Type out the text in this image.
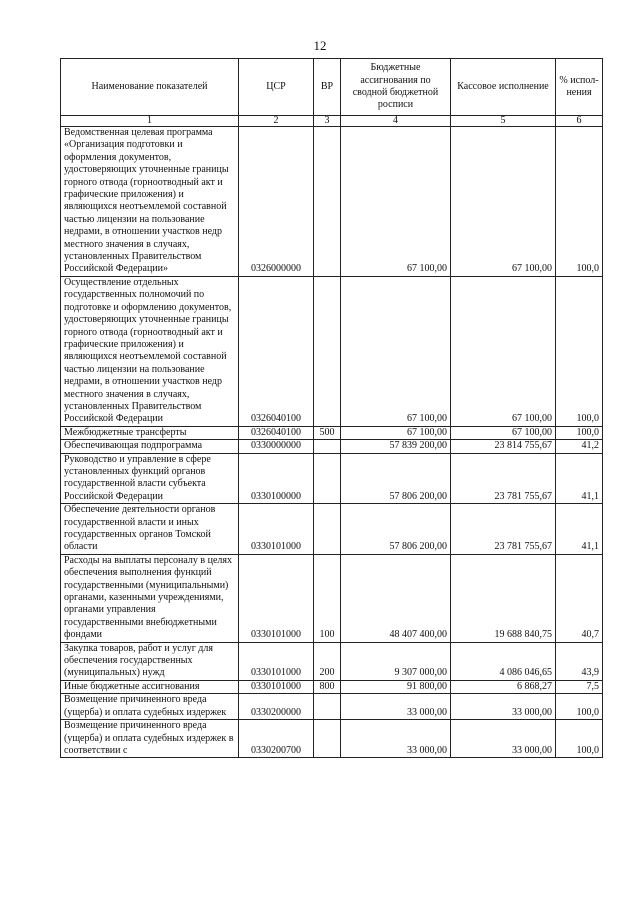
12
Наименование показателей	ЦСР	ВР	Бюджетные ассигнования по сводной бюджетной росписи	Кассовое исполнение	% испол-нения
1	2	3	4	5	6
Ведомственная целевая программа «Организация подготовки и оформления документов, удостоверяющих уточненные границы горного отвода (горноотводный акт и графические приложения) и являющихся неотъемлемой составной частью лицензии на пользование недрами, в отношении участков недр местного значения в случаях, установленных Правительством Российской Федерации»	0326000000		67 100,00	67 100,00	100,0
Осуществление отдельных государственных полномочий по подготовке и оформлению документов, удостоверяющих уточненные границы горного отвода (горноотводный акт и графические приложения) и являющихся неотъемлемой составной частью лицензии на пользование недрами, в отношении участков недр местного значения в случаях, установленных Правительством Российской Федерации	0326040100		67 100,00	67 100,00	100,0
Межбюджетные трансферты	0326040100	500	67 100,00	67 100,00	100,0
Обеспечивающая подпрограмма	0330000000		57 839 200,00	23 814 755,67	41,2
Руководство и управление в сфере установленных функций органов государственной власти субъекта Российской Федерации	0330100000		57 806 200,00	23 781 755,67	41,1
Обеспечение деятельности органов государственной власти и иных государственных органов Томской области	0330101000		57 806 200,00	23 781 755,67	41,1
Расходы на выплаты персоналу в целях обеспечения выполнения функций государственными (муниципальными) органами, казенными учреждениями, органами управления государственными внебюджетными фондами	0330101000	100	48 407 400,00	19 688 840,75	40,7
Закупка товаров, работ и услуг для обеспечения государственных (муниципальных) нужд	0330101000	200	9 307 000,00	4 086 046,65	43,9
Иные бюджетные ассигнования	0330101000	800	91 800,00	6 868,27	7,5
Возмещение причиненного вреда (ущерба) и оплата судебных издержек	0330200000		33 000,00	33 000,00	100,0
Возмещение причиненного вреда (ущерба) и оплата судебных издержек в соответствии с	0330200700		33 000,00	33 000,00	100,0
